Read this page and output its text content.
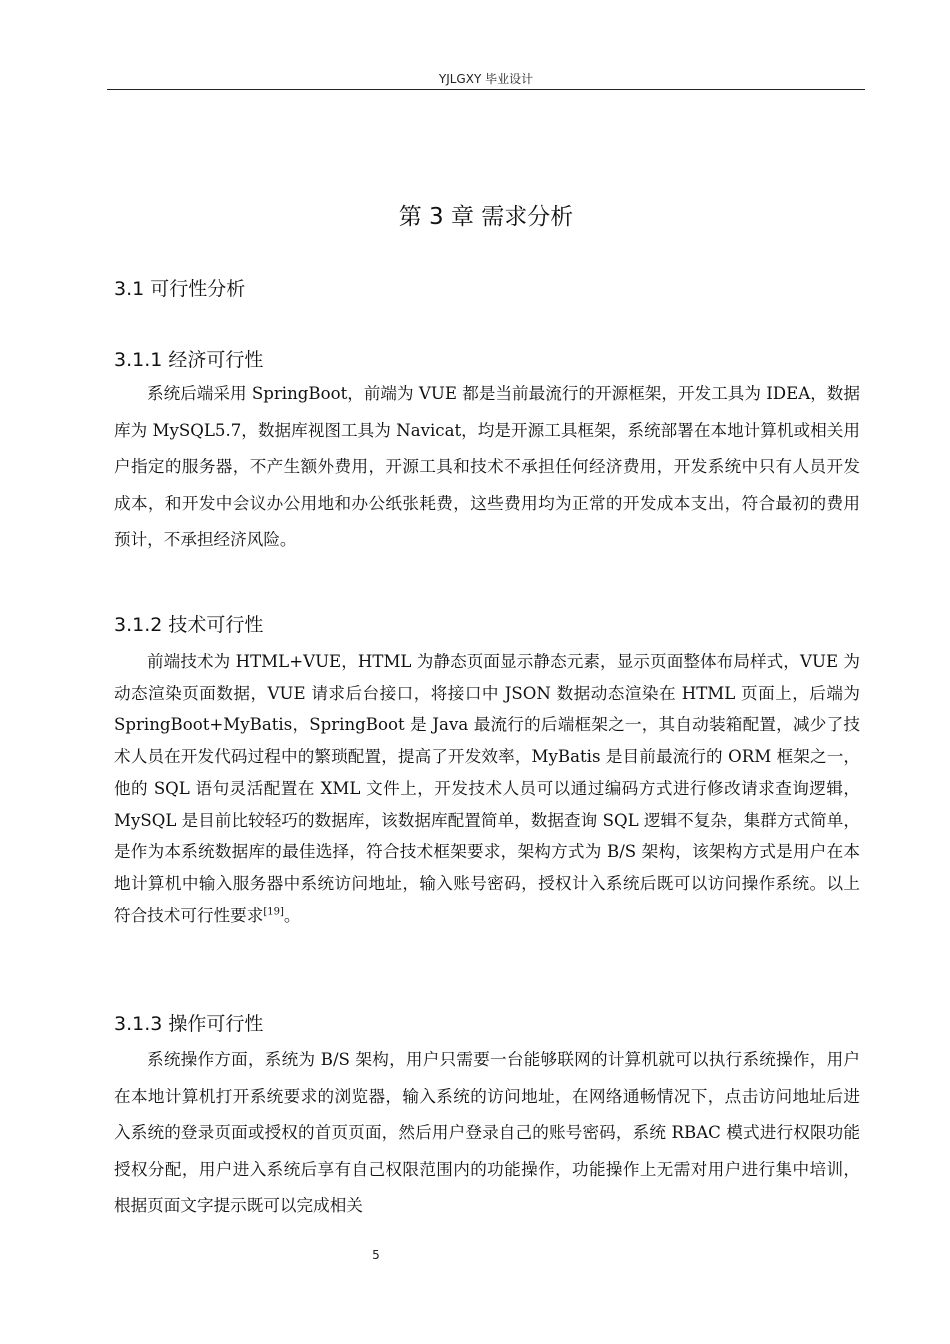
YJLGXY 毕业设计
第 3 章 需求分析
3.1 可行性分析
3.1.1 经济可行性

系统后端采用 SpringBoot，前端为 VUE 都是当前最流行的开源框架，开发工具为 IDEA，数据库为 MySQL5.7，数据库视图工具为 Navicat，均是开源工具框架，系统部署在本地计算机或相关用户指定的服务器，不产生额外费用，开源工具和技术不承担任何经济费用，开发系统中只有人员开发成本，和开发中会议办公用地和办公纸张耗费，这些费用均为正常的开发成本支出，符合最初的费用预计，不承担经济风险。

3.1.2 技术可行性

前端技术为 HTML+VUE，HTML 为静态页面显示静态元素，显示页面整体布局样式，VUE 为动态渲染页面数据，VUE 请求后台接口，将接口中 JSON 数据动态渲染在 HTML 页面上，后端为 SpringBoot+MyBatis，SpringBoot 是 Java 最流行的后端框架之一，其自动装箱配置，减少了技术人员在开发代码过程中的繁琐配置，提高了开发效率，MyBatis 是目前最流行的 ORM 框架之一，他的 SQL 语句灵活配置在 XML 文件上，开发技术人员可以通过编码方式进行修改请求查询逻辑，MySQL 是目前比较轻巧的数据库，该数据库配置简单，数据查询 SQL 逻辑不复杂，集群方式简单，是作为本系统数据库的最佳选择，符合技术框架要求，架构方式为 B/S 架构，该架构方式是用户在本地计算机中输入服务器中系统访问地址，输入账号密码，授权计入系统后既可以访问操作系统。以上符合技术可行性要求[19]。

3.1.3 操作可行性

系统操作方面，系统为 B/S 架构，用户只需要一台能够联网的计算机就可以执行系统操作，用户在本地计算机打开系统要求的浏览器，输入系统的访问地址，在网络通畅情况下，点击访问地址后进入系统的登录页面或授权的首页页面，然后用户登录自己的账号密码，系统 RBAC 模式进行权限功能授权分配，用户进入系统后享有自己权限范围内的功能操作，功能操作上无需对用户进行集中培训，根据页面文字提示既可以完成相关

5
